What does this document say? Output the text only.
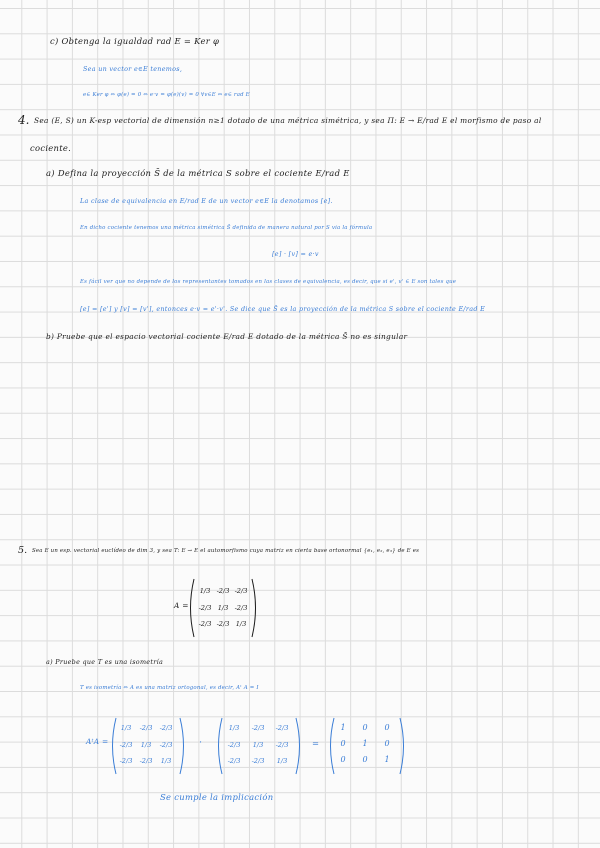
c) Obtenga la igualdad rad E = Ker φ
Sea un vector e∈E tenemos,
e∈ Ker φ ⇔ φ(e) = 0 ⇔ e·v = φ(e)(v) = 0 ∀v∈E ⇔ e∈ rad E
4. Sea (E, S) un K-esp vectorial de dimensión n≥1 dotado de una métrica simétrica, y sea Π: E → E/rad E el morfismo de paso al
cociente.
a) Defina la proyección S̄ de la métrica S sobre el cociente E/rad E
La clase de equivalencia en E/rad E de un vector e∈E la denotamos [e].
En dicho cociente tenemos una métrica simétrica S̄ definida de manera natural por S via la fórmula
[e] · [v] = e·v
Es fácil ver que no depende de los representantes tomados en las clases de equivalencia, es decir, que si e', v' ∈ E son tales que
[e] = [e'] y [v] = [v'], entonces e·v = e'·v'. Se dice que S̄ es la proyección de la métrica S sobre el cociente E/rad E
b) Pruebe que el espacio vectorial cociente E/rad E dotado de la métrica S̄ no es singular
5. Sea E un esp. vectorial euclídeo de dim 3, y sea T: E → E el automorfismo cuya matriz en cierta base ortonormal {e₁, e₂, e₃} de E es
A =
1/3 -2/3 -2/3
-2/3 1/3 -2/3
-2/3 -2/3 1/3
a) Pruebe que T es una isometría
T es isometría ⇔ A es una matriz ortogonal, es decir, Aᵗ A = I
AᵗA =
1/3	-2/3	-2/3
-2/3	1/3	-2/3
-2/3	-2/3	1/3
·
1/3	-2/3	-2/3
-2/3	1/3	-2/3
-2/3	-2/3	1/3
=
1	0	0
0	1	0
0	0	1
Se cumple la implicación
